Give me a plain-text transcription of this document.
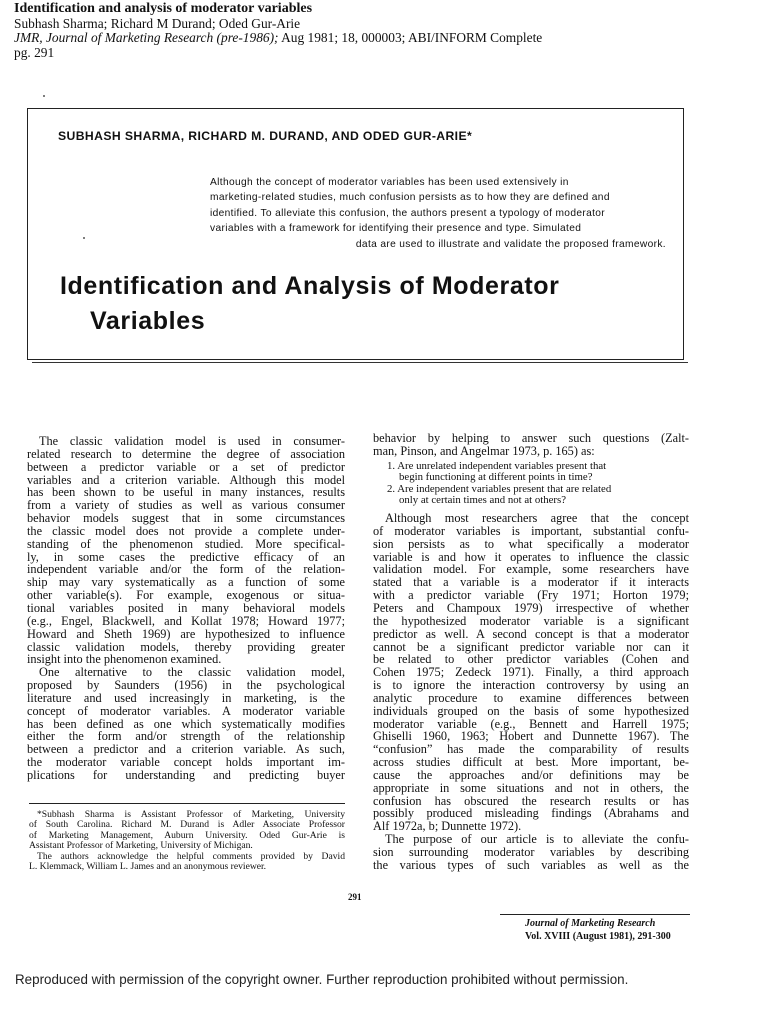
Identification and analysis of moderator variables
Subhash Sharma; Richard M Durand; Oded Gur-Arie
JMR, Journal of Marketing Research (pre-1986); Aug 1981; 18, 000003; ABI/INFORM Complete
pg. 291
SUBHASH SHARMA, RICHARD M. DURAND, AND ODED GUR-ARIE*
Although the concept of moderator variables has been used extensively in
marketing-related studies, much confusion persists as to how they are defined and
identified. To alleviate this confusion, the authors present a typology of moderator
variables with a framework for identifying their presence and type. Simulated
data are used to illustrate and validate the proposed framework.
Identification and Analysis of Moderator
Variables
The classic validation model is used in consumer-
related research to determine the degree of association
between a predictor variable or a set of predictor
variables and a criterion variable. Although this model
has been shown to be useful in many instances, results
from a variety of studies as well as various consumer
behavior models suggest that in some circumstances
the classic model does not provide a complete under-
standing of the phenomenon studied. More specifical-
ly, in some cases the predictive efficacy of an
independent variable and/or the form of the relation-
ship may vary systematically as a function of some
other variable(s). For example, exogenous or situa-
tional variables posited in many behavioral models
(e.g., Engel, Blackwell, and Kollat 1978; Howard 1977;
Howard and Sheth 1969) are hypothesized to influence
classic validation models, thereby providing greater
insight into the phenomenon examined.
One alternative to the classic validation model,
proposed by Saunders (1956) in the psychological
literature and used increasingly in marketing, is the
concept of moderator variables. A moderator variable
has been defined as one which systematically modifies
either the form and/or strength of the relationship
between a predictor and a criterion variable. As such,
the moderator variable concept holds important im-
plications for understanding and predicting buyer
*Subhash Sharma is Assistant Professor of Marketing, University
of South Carolina. Richard M. Durand is Adler Associate Professor
of Marketing Management, Auburn University. Oded Gur-Arie is
Assistant Professor of Marketing, University of Michigan.
The authors acknowledge the helpful comments provided by David
L. Klemmack, William L. James and an anonymous reviewer.
behavior by helping to answer such questions (Zalt-
man, Pinson, and Angelmar 1973, p. 165) as:
1. Are unrelated independent variables present that
begin functioning at different points in time?
2. Are independent variables present that are related
only at certain times and not at others?
Although most researchers agree that the concept
of moderator variables is important, substantial confu-
sion persists as to what specifically a moderator
variable is and how it operates to influence the classic
validation model. For example, some researchers have
stated that a variable is a moderator if it interacts
with a predictor variable (Fry 1971; Horton 1979;
Peters and Champoux 1979) irrespective of whether
the hypothesized moderator variable is a significant
predictor as well. A second concept is that a moderator
cannot be a significant predictor variable nor can it
be related to other predictor variables (Cohen and
Cohen 1975; Zedeck 1971). Finally, a third approach
is to ignore the interaction controversy by using an
analytic procedure to examine differences between
individuals grouped on the basis of some hypothesized
moderator variable (e.g., Bennett and Harrell 1975;
Ghiselli 1960, 1963; Hobert and Dunnette 1967). The
“confusion” has made the comparability of results
across studies difficult at best. More important, be-
cause the approaches and/or definitions may be
appropriate in some situations and not in others, the
confusion has obscured the research results or has
possibly produced misleading findings (Abrahams and
Alf 1972a, b; Dunnette 1972).
The purpose of our article is to alleviate the confu-
sion surrounding moderator variables by describing
the various types of such variables as well as the
291
Journal of Marketing Research
Vol. XVIII (August 1981), 291-300
Reproduced with permission of the copyright owner. Further reproduction prohibited without permission.
